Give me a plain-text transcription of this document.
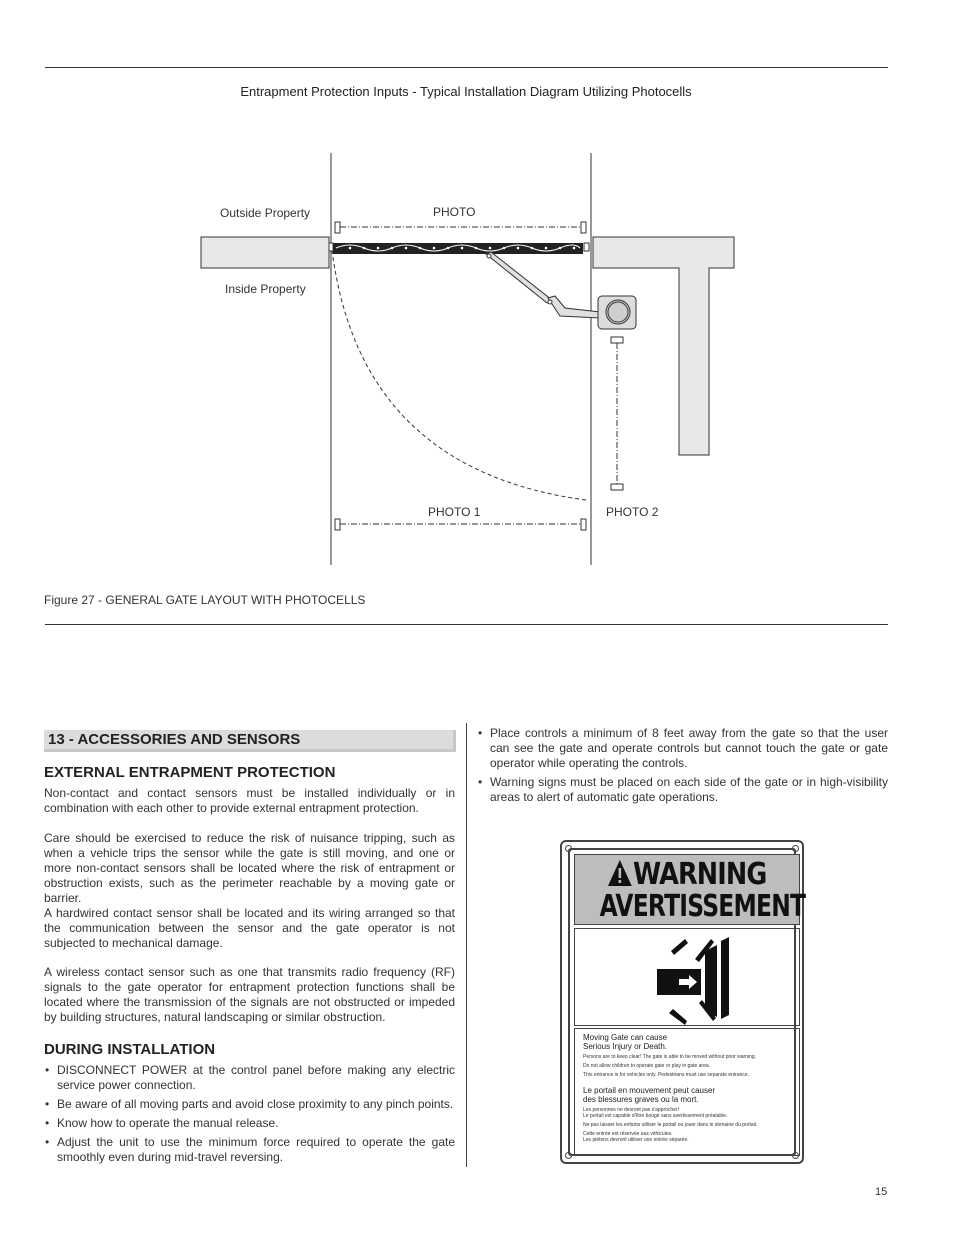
Entrapment Protection Inputs - Typical Installation Diagram Utilizing Photocells
Outside Property
Inside Property
PHOTO
PHOTO 1	PHOTO 2
Figure 27 - GENERAL GATE LAYOUT WITH PHOTOCELLS
13 - ACCESSORIES AND SENSORS
EXTERNAL ENTRAPMENT PROTECTION
Non-contact and contact sensors must be installed individually or in combination with each other to provide external entrapment protection.
Care should be exercised to reduce the risk of nuisance tripping, such as when a vehicle trips the sensor while the gate is still moving, and one or more non-contact sensors shall be located where the risk of entrapment or obstruction exists, such as the perimeter reachable by a moving gate or barrier.
A hardwired contact sensor shall be located and its wiring arranged so that the communication between the sensor and the gate operator is not subjected to mechanical damage.
A wireless contact sensor such as one that transmits radio frequency (RF) signals to the gate operator for entrapment protection functions shall be located where the transmission of the signals are not obstructed or impeded by building structures, natural landscaping or similar obstruction.
DURING INSTALLATION
• DISCONNECT POWER at the control panel before making any electric service power connection.
• Be aware of all moving parts and avoid close proximity to any pinch points.
• Know how to operate the manual release.
• Adjust the unit to use the minimum force required to operate the gate smoothly even during mid-travel reversing.
• Place controls a minimum of 8 feet away from the gate so that the user can see the gate and operate controls but cannot touch the gate or gate operator while operating the controls.
• Warning signs must be placed on each side of the gate or in high-visibility areas to alert of automatic gate operations.
WARNING
AVERTISSEMENT
Moving Gate can cause
Serious Injury or Death.
Persons are to keep clear! The gate is able to be moved without prior warning.
Do not allow children to operate gate or play in gate area.
This entrance is for vehicles only. Pedestrians must use separate entrance.
Le portail en mouvement peut causer
des blessures graves ou la mort.
Les personnes ne devront pas s'approcher!
Le portail est capable d'être bougé sans avertissement préalable.
Ne pas laisser les enfants utiliser le portail ou jouer dans le domaine du portail.
Cette entrée est réservée aux véhicules.
Les piétons devront utiliser une entrée séparée.
15
